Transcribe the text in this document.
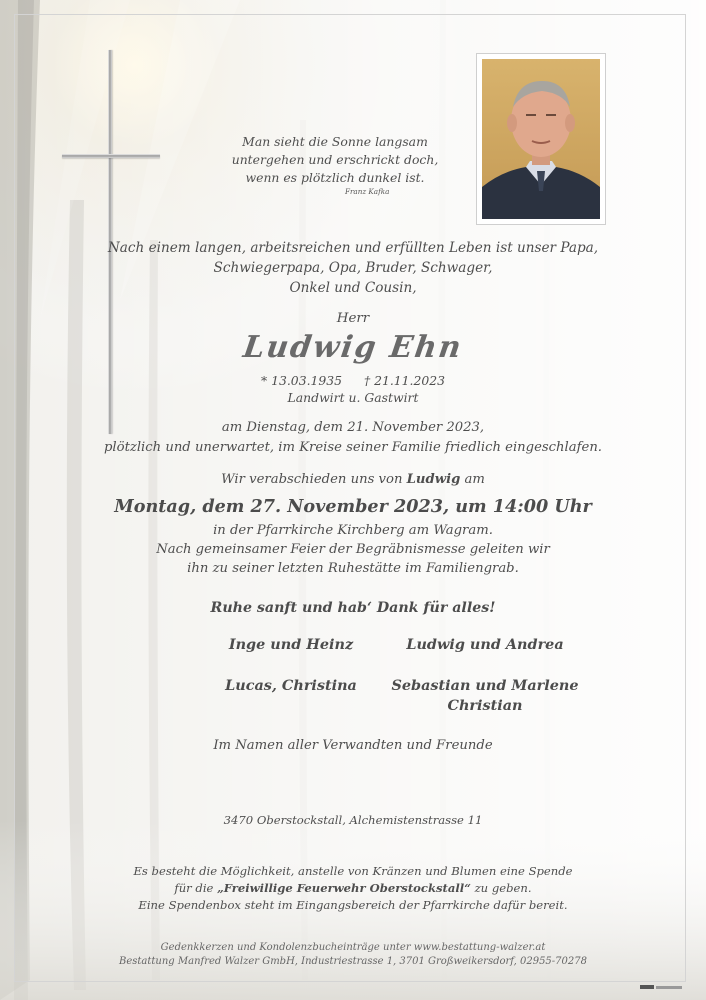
Man sieht die Sonne langsam
untergehen und erschrickt doch,
wenn es plötzlich dunkel ist.
Franz Kafka
Nach einem langen, arbeitsreichen und erfüllten Leben ist unser Papa,
Schwiegerpapa, Opa, Bruder, Schwager,
Onkel und Cousin,
Herr
Ludwig Ehn
* 13.03.1935 † 21.11.2023
Landwirt u. Gastwirt
am Dienstag, dem 21. November 2023,
plötzlich und unerwartet, im Kreise seiner Familie friedlich eingeschlafen.
Wir verabschieden uns von Ludwig am
Montag, dem 27. November 2023, um 14:00 Uhr
in der Pfarrkirche Kirchberg am Wagram.
Nach gemeinsamer Feier der Begräbnismesse geleiten wir
ihn zu seiner letzten Ruhestätte im Familiengrab.
Ruhe sanft und hab‘ Dank für alles!
Inge und Heinz	Ludwig und Andrea
Lucas, Christina	Sebastian und Marlene
Christian
Im Namen aller Verwandten und Freunde
3470 Oberstockstall, Alchemistenstrasse 11
Es besteht die Möglichkeit, anstelle von Kränzen und Blumen eine Spende
für die „Freiwillige Feuerwehr Oberstockstall“ zu geben.
Eine Spendenbox steht im Eingangsbereich der Pfarrkirche dafür bereit.
Gedenkkerzen und Kondolenzbucheinträge unter www.bestattung-walzer.at
Bestattung Manfred Walzer GmbH, Industriestrasse 1, 3701 Großweikersdorf, 02955-70278
